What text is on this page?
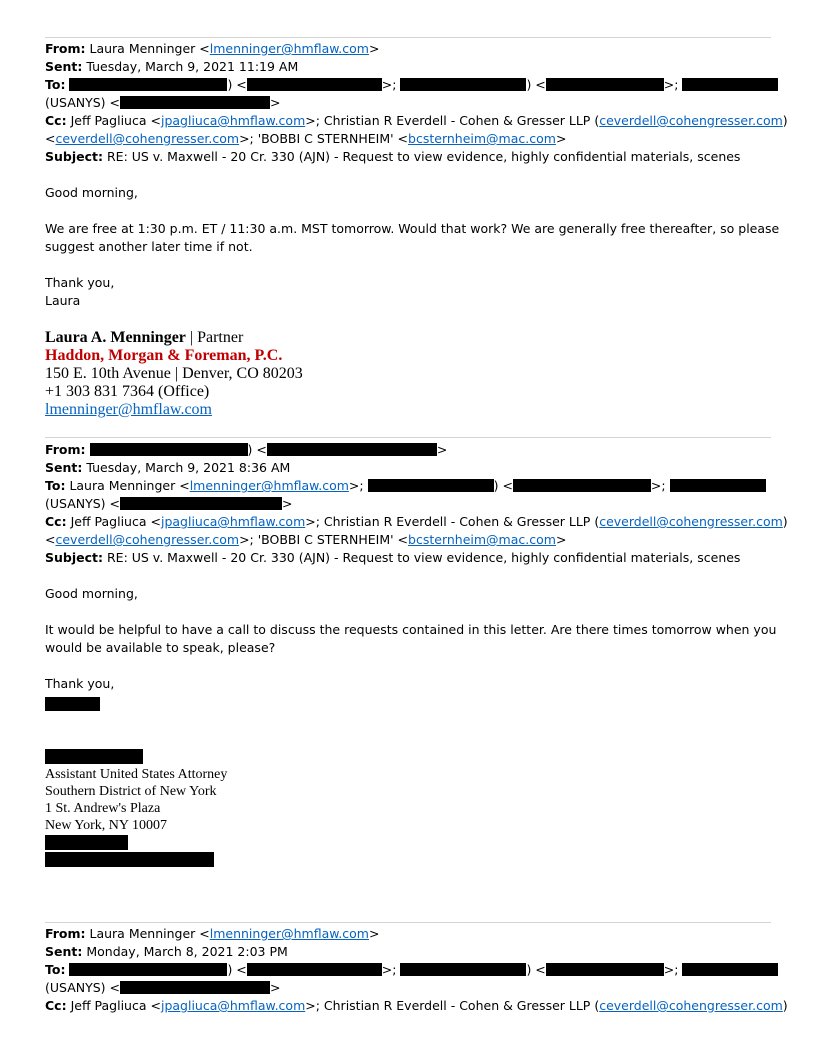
From: Laura Menninger <lmenninger@hmflaw.com>
Sent: Tuesday, March 9, 2021 11:19 AM
To:	) <	>;	) <	>;
(USANYS) <	>
Cc: Jeff Pagliuca <jpagliuca@hmflaw.com>; Christian R Everdell - Cohen & Gresser LLP (ceverdell@cohengresser.com)
<ceverdell@cohengresser.com>; 'BOBBI C STERNHEIM' <bcsternheim@mac.com>
Subject: RE: US v. Maxwell - 20 Cr. 330 (AJN) - Request to view evidence, highly confidential materials, scenes
Good morning,
We are free at 1:30 p.m. ET / 11:30 a.m. MST tomorrow. Would that work? We are generally free thereafter, so please
suggest another later time if not.
Thank you,
Laura
Laura A. Menninger | Partner
Haddon, Morgan & Foreman, P.C.
150 E. 10th Avenue | Denver, CO 80203
+1 303 831 7364 (Office)
lmenninger@hmflaw.com
From:	) <	>
Sent: Tuesday, March 9, 2021 8:36 AM
To: Laura Menninger <lmenninger@hmflaw.com>;	) <	>;
(USANYS) <	>
Cc: Jeff Pagliuca <jpagliuca@hmflaw.com>; Christian R Everdell - Cohen & Gresser LLP (ceverdell@cohengresser.com)
<ceverdell@cohengresser.com>; 'BOBBI C STERNHEIM' <bcsternheim@mac.com>
Subject: RE: US v. Maxwell - 20 Cr. 330 (AJN) - Request to view evidence, highly confidential materials, scenes
Good morning,
It would be helpful to have a call to discuss the requests contained in this letter. Are there times tomorrow when you
would be available to speak, please?
Thank you,
Assistant United States Attorney
Southern District of New York
1 St. Andrew's Plaza
New York, NY 10007
From: Laura Menninger <lmenninger@hmflaw.com>
Sent: Monday, March 8, 2021 2:03 PM
To:	) <	>;	) <	>;
(USANYS) <	>
Cc: Jeff Pagliuca <jpagliuca@hmflaw.com>; Christian R Everdell - Cohen & Gresser LLP (ceverdell@cohengresser.com)
